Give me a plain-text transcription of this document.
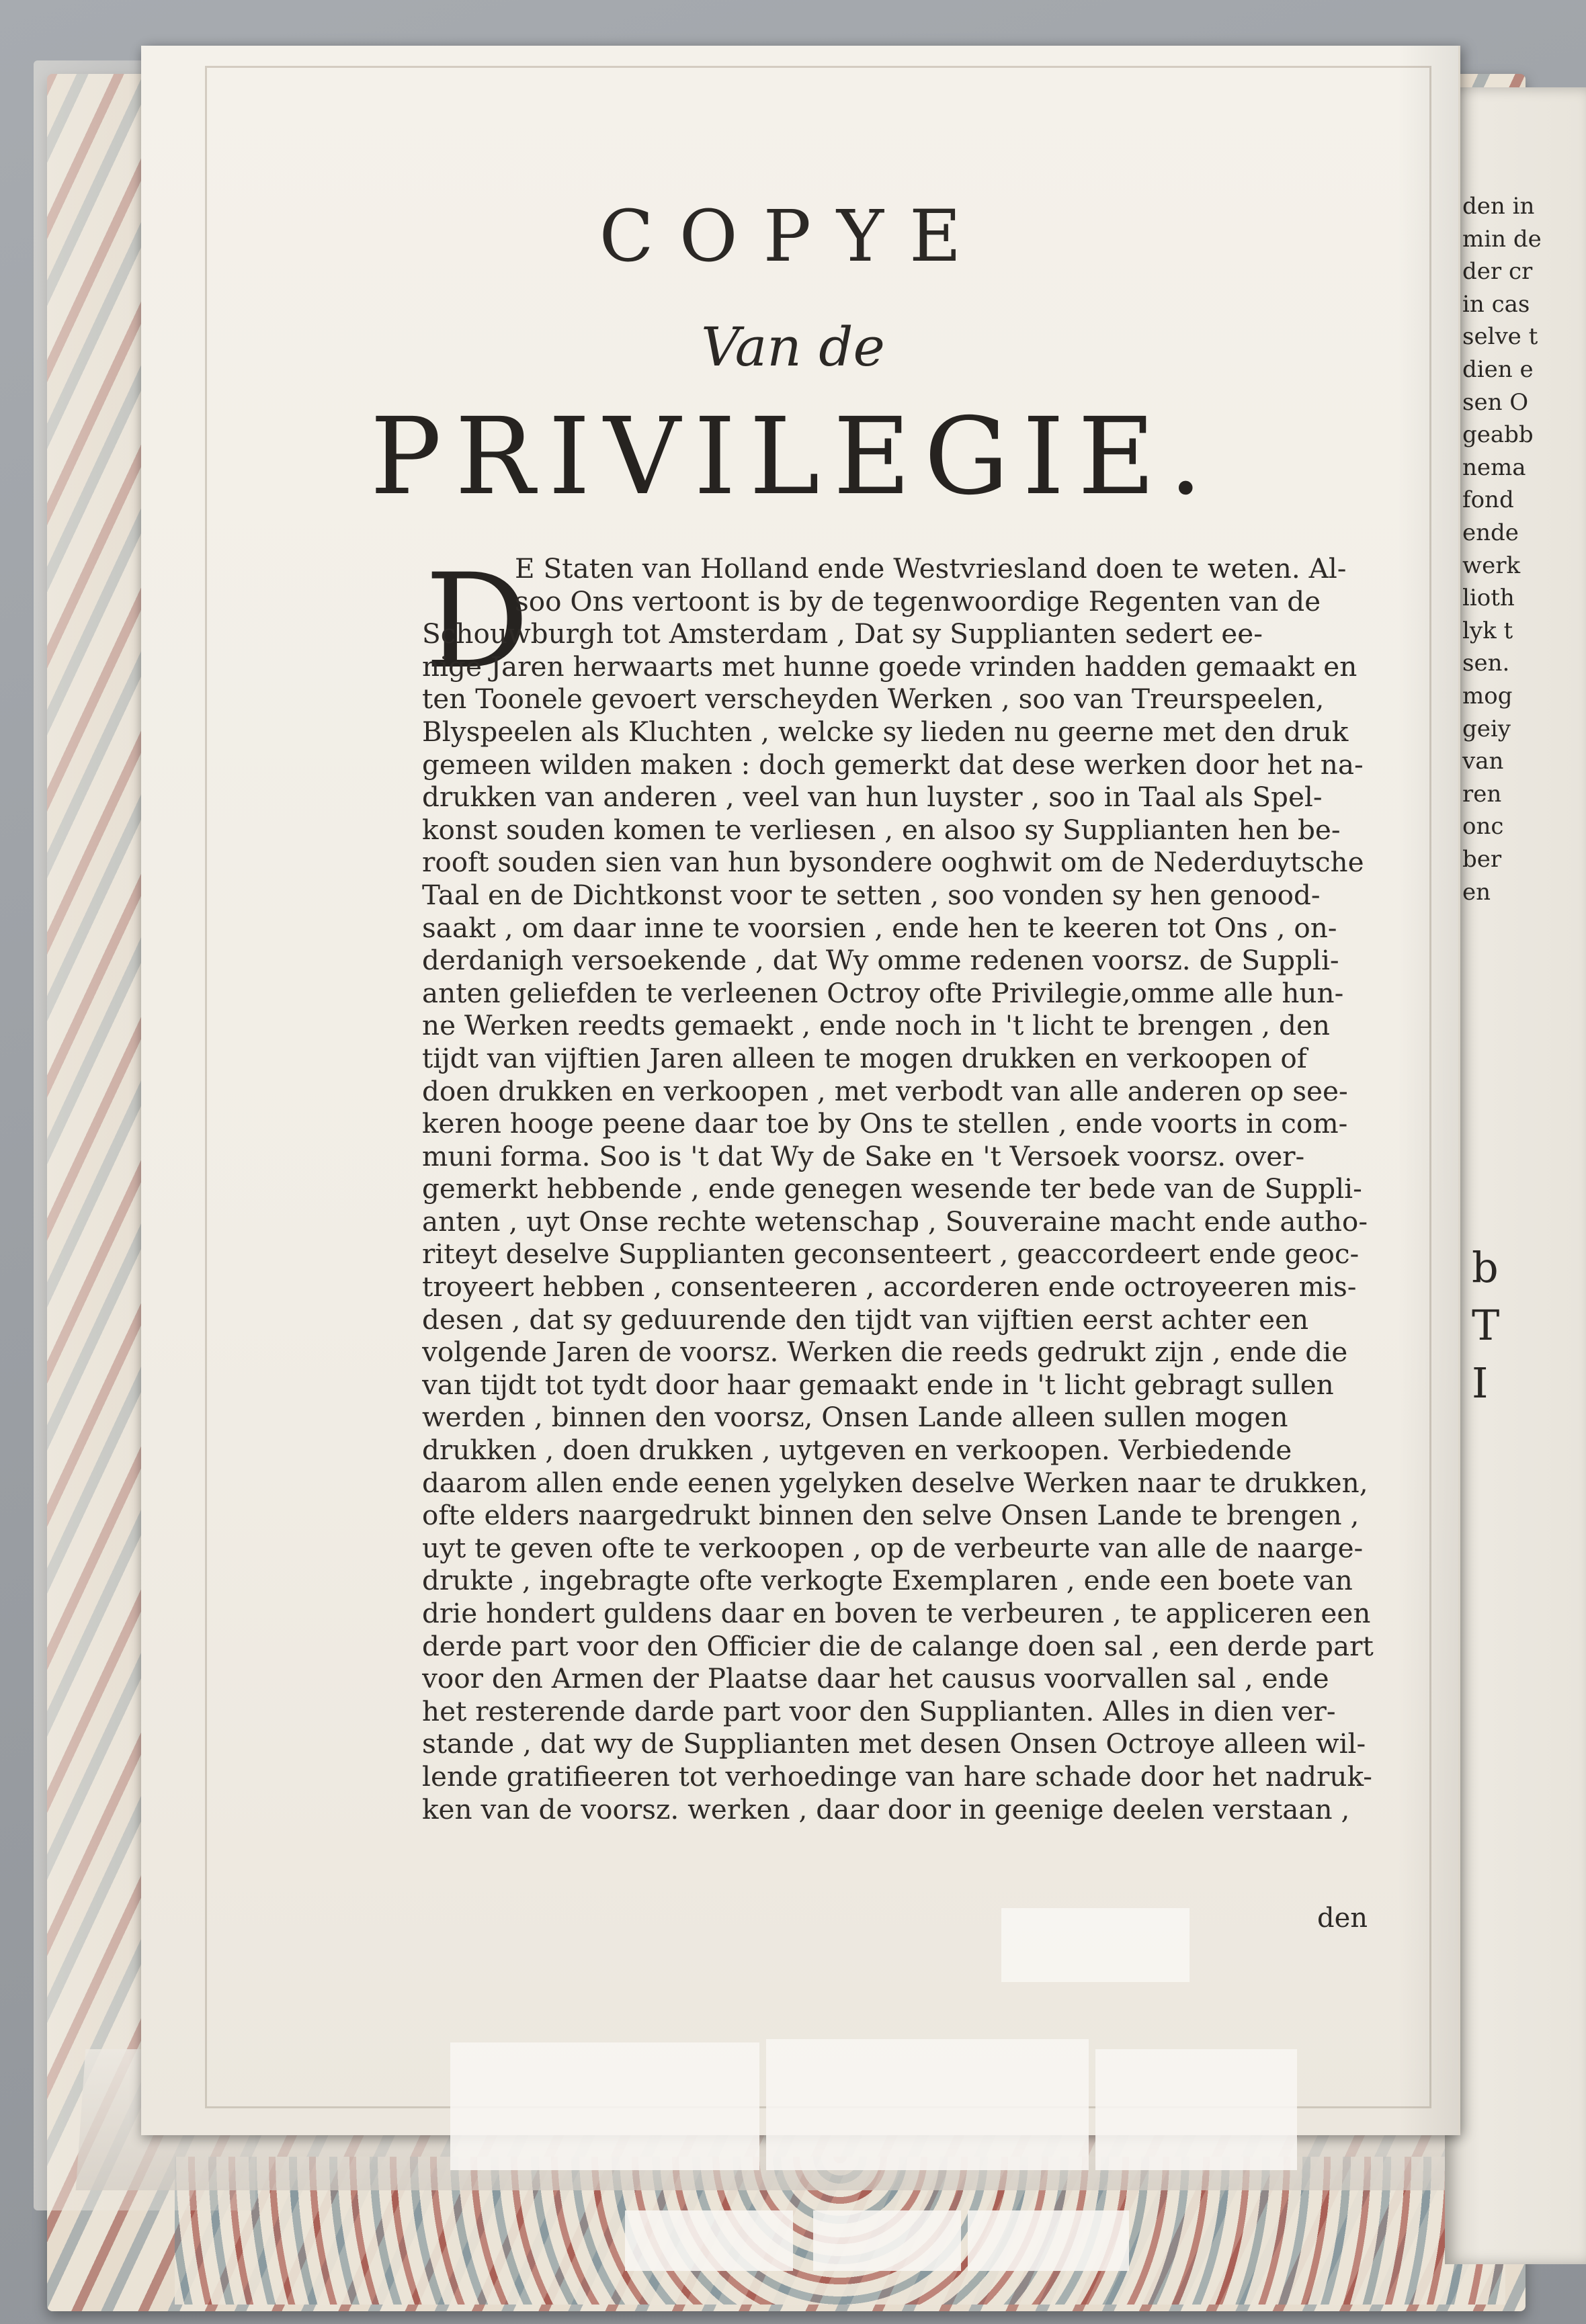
den in
min de
der cr
in cas
selve t
dien e
sen O
geabb
nema
fond
ende
werk
lioth
lyk t
sen.
mog
geiy
van
ren
onc
ber
en
b
T
I
COPYE
Van de
PRIVILEGIE.
D
E Staten van Holland ende Westvriesland doen te weten. Al-
soo Ons vertoont is by de tegenwoordige Regenten van de
Schouwburgh tot Amsterdam , Dat sy Supplianten sedert ee-
nige Jaren herwaarts met hunne goede vrinden hadden gemaakt en
ten Toonele gevoert verscheyden Werken , soo van Treurspeelen,
Blyspeelen als Kluchten , welcke sy lieden nu geerne met den druk
gemeen wilden maken : doch gemerkt dat dese werken door het na-
drukken van anderen , veel van hun luyster , soo in Taal als Spel-
konst souden komen te verliesen , en alsoo sy Supplianten hen be-
rooft souden sien van hun bysondere ooghwit om de Nederduytsche
Taal en de Dichtkonst voor te setten , soo vonden sy hen genood-
saakt , om daar inne te voorsien , ende hen te keeren tot Ons , on-
derdanigh versoekende , dat Wy omme redenen voorsz. de Suppli-
anten geliefden te verleenen Octroy ofte Privilegie,omme alle hun-
ne Werken reedts gemaekt , ende noch in 't licht te brengen , den
tijdt van vijftien Jaren alleen te mogen drukken en verkoopen of
doen drukken en verkoopen , met verbodt van alle anderen op see-
keren hooge peene daar toe by Ons te stellen , ende voorts in com-
muni forma. Soo is 't dat Wy de Sake en 't Versoek voorsz. over-
gemerkt hebbende , ende genegen wesende ter bede van de Suppli-
anten , uyt Onse rechte wetenschap , Souveraine macht ende autho-
riteyt deselve Supplianten geconsenteert , geaccordeert ende geoc-
troyeert hebben , consenteeren , accorderen ende octroyeeren mis-
desen , dat sy geduurende den tijdt van vijftien eerst achter een
volgende Jaren de voorsz. Werken die reeds gedrukt zijn , ende die
van tijdt tot tydt door haar gemaakt ende in 't licht gebragt sullen
werden , binnen den voorsz, Onsen Lande alleen sullen mogen
drukken , doen drukken , uytgeven en verkoopen. Verbiedende
daarom allen ende eenen ygelyken deselve Werken naar te drukken,
ofte elders naargedrukt binnen den selve Onsen Lande te brengen ,
uyt te geven ofte te verkoopen , op de verbeurte van alle de naarge-
drukte , ingebragte ofte verkogte Exemplaren , ende een boete van
drie hondert guldens daar en boven te verbeuren , te appliceren een
derde part voor den Officier die de calange doen sal , een derde part
voor den Armen der Plaatse daar het causus voorvallen sal , ende
het resterende darde part voor den Supplianten. Alles in dien ver-
stande , dat wy de Supplianten met desen Onsen Octroye alleen wil-
lende gratifieeren tot verhoedinge van hare schade door het nadruk-
ken van de voorsz. werken , daar door in geenige deelen verstaan ,
den
